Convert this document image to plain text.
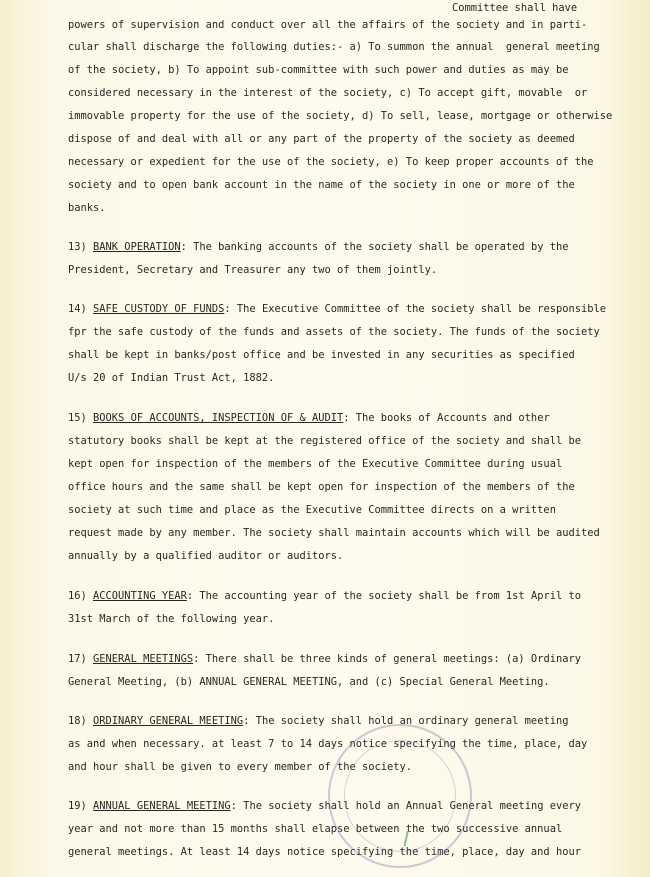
Committee shall have
powers of supervision and conduct over all the affairs of the society and in parti-
cular shall discharge the following duties:- a) To summon the annual  general meeting
of the society, b) To appoint sub-committee with such power and duties as may be
considered necessary in the interest of the society, c) To accept gift, movable  or
immovable property for the use of the society, d) To sell, lease, mortgage or otherwise
dispose of and deal with all or any part of the property of the society as deemed
necessary or expedient for the use of the society, e) To keep proper accounts of the
society and to open bank account in the name of the society in one or more of the
banks.
13) BANK OPERATION: The banking accounts of the society shall be operated by the
President, Secretary and Treasurer any two of them jointly.
14) SAFE CUSTODY OF FUNDS: The Executive Committee of the society shall be responsible
fpr the safe custody of the funds and assets of the society. The funds of the society
shall be kept in banks/post office and be invested in any securities as specified
U/s 20 of Indian Trust Act, 1882.
15) BOOKS OF ACCOUNTS, INSPECTION OF & AUDIT: The books of Accounts and other
statutory books shall be kept at the registered office of the society and shall be
kept open for inspection of the members of the Executive Committee during usual
office hours and the same shall be kept open for inspection of the members of the
society at such time and place as the Executive Committee directs on a written
request made by any member. The society shall maintain accounts which will be audited
annually by a qualified auditor or auditors.
16) ACCOUNTING YEAR: The accounting year of the society shall be from 1st April to
31st March of the following year.
17) GENERAL MEETINGS: There shall be three kinds of general meetings: (a) Ordinary
General Meeting, (b) ANNUAL GENERAL MEETING, and (c) Special General Meeting.
18) ORDINARY GENERAL MEETING: The society shall hold an ordinary general meeting
as and when necessary. at least 7 to 14 days notice specifying the time, place, day
and hour shall be given to every member of the society.
19) ANNUAL GENERAL MEETING: The society shall hold an Annual General meeting every
year and not more than 15 months shall elapse between the two successive annual
general meetings. At least 14 days notice specifying the time, place, day and hour
